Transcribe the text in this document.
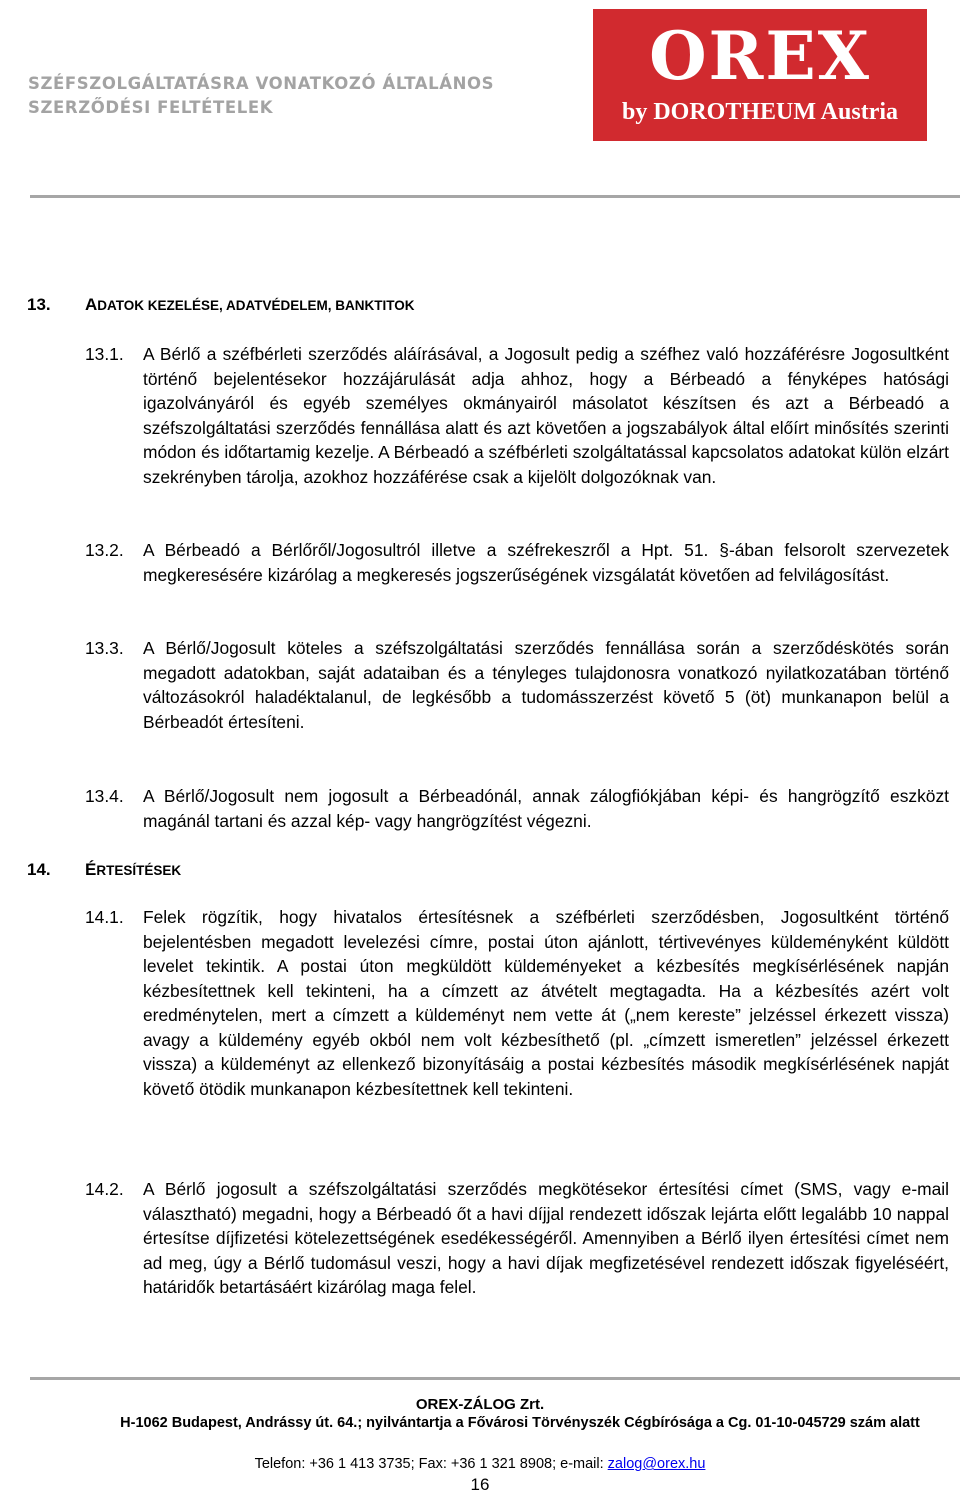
SZÉFSZOLGÁLTATÁSRA VONATKOZÓ ÁLTALÁNOS
SZERZŐDÉSI FELTÉTELEK
OREX
by DOROTHEUM Austria
13. ADATOK KEZELÉSE, ADATVÉDELEM, BANKTITOK
13.1.	A Bérlő a széfbérleti szerződés aláírásával, a Jogosult pedig a széfhez való hozzáférésre Jogosultként történő bejelentésekor hozzájárulását adja ahhoz, hogy a Bérbeadó a fényképes hatósági igazolványáról és egyéb személyes okmányairól másolatot készítsen és azt a Bérbeadó a széfszolgáltatási szerződés fennállása alatt és azt követően a jogszabályok által előírt minősítés szerinti módon és időtartamig kezelje. A Bérbeadó a széfbérleti szolgáltatással kapcsolatos adatokat külön elzárt szekrényben tárolja, azokhoz hozzáférése csak a kijelölt dolgozóknak van.
13.2.	A Bérbeadó a Bérlőről/Jogosultról illetve a széfrekeszről a Hpt. 51. §-ában felsorolt szervezetek megkeresésére kizárólag a megkeresés jogszerűségének vizsgálatát követően ad felvilágosítást.
13.3.	A Bérlő/Jogosult köteles a széfszolgáltatási szerződés fennállása során a szerződéskötés során megadott adatokban, saját adataiban és a tényleges tulajdonosra vonatkozó nyilatkozatában történő változásokról haladéktalanul, de legkésőbb a tudomásszerzést követő 5 (öt) munkanapon belül a Bérbeadót értesíteni.
13.4.	A Bérlő/Jogosult nem jogosult a Bérbeadónál, annak zálogfiókjában képi- és hangrögzítő eszközt magánál tartani és azzal kép- vagy hangrögzítést végezni.
14. ÉRTESÍTÉSEK
14.1.	Felek rögzítik, hogy hivatalos értesítésnek a széfbérleti szerződésben, Jogosultként történő bejelentésben megadott levelezési címre, postai úton ajánlott, tértivevényes küldeményként küldött levelet tekintik. A postai úton megküldött küldeményeket a kézbesítés megkísérlésének napján kézbesítettnek kell tekinteni, ha a címzett az átvételt megtagadta. Ha a kézbesítés azért volt eredménytelen, mert a címzett a küldeményt nem vette át („nem kereste” jelzéssel érkezett vissza) avagy a küldemény egyéb okból nem volt kézbesíthető (pl. „címzett ismeretlen” jelzéssel érkezett vissza) a küldeményt az ellenkező bizonyításáig a postai kézbesítés második megkísérlésének napját követő ötödik munkanapon kézbesítettnek kell tekinteni.
14.2.	A Bérlő jogosult a széfszolgáltatási szerződés megkötésekor értesítési címet (SMS, vagy e-mail választható) megadni, hogy a Bérbeadó őt a havi díjjal rendezett időszak lejárta előtt legalább 10 nappal értesítse díjfizetési kötelezettségének esedékességéről. Amennyiben a Bérlő ilyen értesítési címet nem ad meg, úgy a Bérlő tudomásul veszi, hogy a havi díjak megfizetésével rendezett időszak figyeléséért, határidők betartásáért kizárólag maga felel.
OREX-ZÁLOG Zrt.
H-1062 Budapest, Andrássy út. 64.; nyilvántartja a Fővárosi Törvényszék Cégbírósága a Cg. 01-10-045729 szám alatt
Telefon: +36 1 413 3735; Fax: +36 1 321 8908; e-mail: zalog@orex.hu
16
